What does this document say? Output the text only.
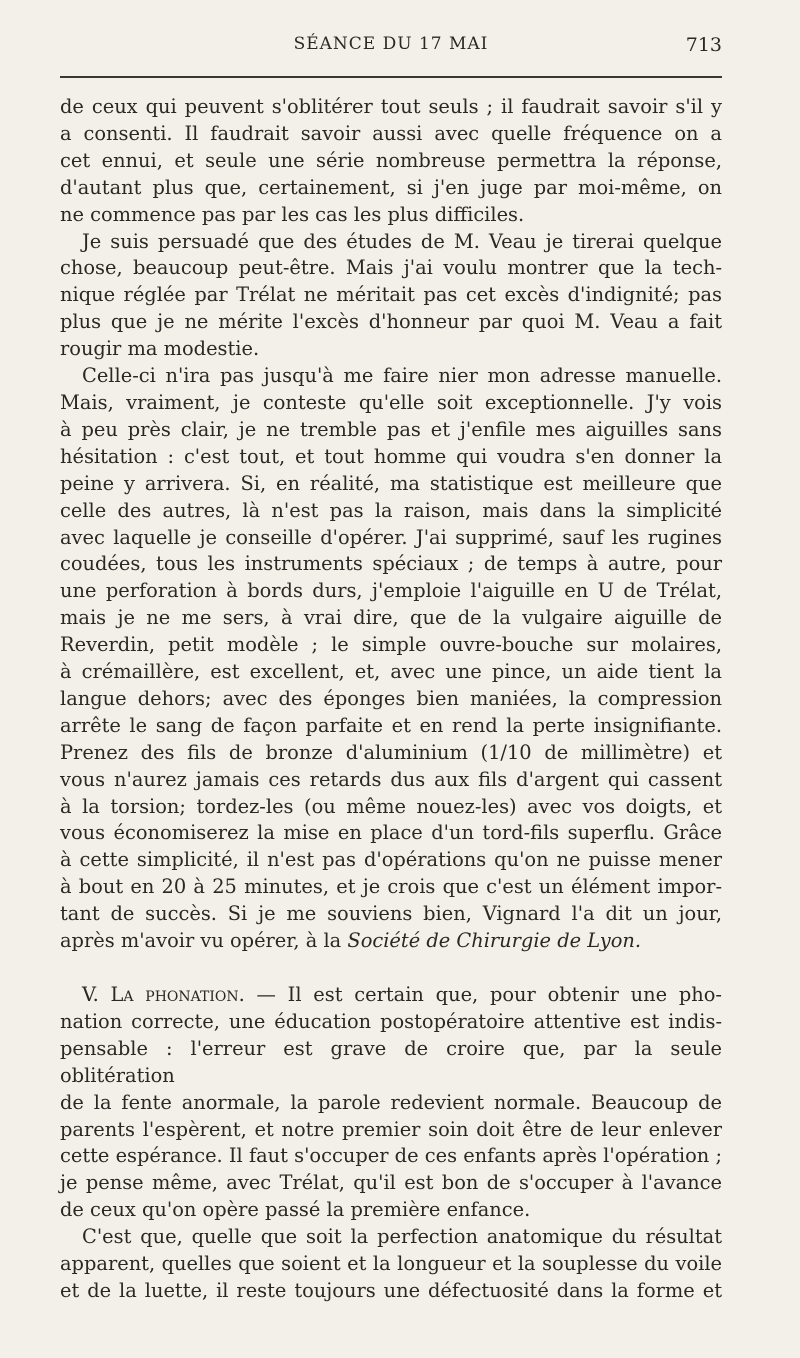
SÉANCE DU 17 MAI	713

de ceux qui peuvent s'oblitérer tout seuls ; il faudrait savoir s'il y

a consenti. Il faudrait savoir aussi avec quelle fréquence on a

cet ennui, et seule une série nombreuse permettra la réponse,

d'autant plus que, certainement, si j'en juge par moi-même, on

ne commence pas par les cas les plus difficiles.

Je suis persuadé que des études de M. Veau je tirerai quelque

chose, beaucoup peut-être. Mais j'ai voulu montrer que la tech-

nique réglée par Trélat ne méritait pas cet excès d'indignité; pas

plus que je ne mérite l'excès d'honneur par quoi M. Veau a fait

rougir ma modestie.

Celle-ci n'ira pas jusqu'à me faire nier mon adresse manuelle.

Mais, vraiment, je conteste qu'elle soit exceptionnelle. J'y vois

à peu près clair, je ne tremble pas et j'enfile mes aiguilles sans

hésitation : c'est tout, et tout homme qui voudra s'en donner la

peine y arrivera. Si, en réalité, ma statistique est meilleure que

celle des autres, là n'est pas la raison, mais dans la simplicité

avec laquelle je conseille d'opérer. J'ai supprimé, sauf les rugines

coudées, tous les instruments spéciaux ; de temps à autre, pour

une perforation à bords durs, j'emploie l'aiguille en U de Trélat,

mais je ne me sers, à vrai dire, que de la vulgaire aiguille de

Reverdin, petit modèle ; le simple ouvre-bouche sur molaires,

à crémaillère, est excellent, et, avec une pince, un aide tient la

langue dehors; avec des éponges bien maniées, la compression

arrête le sang de façon parfaite et en rend la perte insignifiante.

Prenez des fils de bronze d'aluminium (1/10 de millimètre) et

vous n'aurez jamais ces retards dus aux fils d'argent qui cassent

à la torsion; tordez-les (ou même nouez-les) avec vos doigts, et

vous économiserez la mise en place d'un tord-fils superflu. Grâce

à cette simplicité, il n'est pas d'opérations qu'on ne puisse mener

à bout en 20 à 25 minutes, et je crois que c'est un élément impor-

tant de succès. Si je me souviens bien, Vignard l'a dit un jour,

après m'avoir vu opérer, à la Société de Chirurgie de Lyon.

V. La phonation. — Il est certain que, pour obtenir une pho-

nation correcte, une éducation postopératoire attentive est indis-

pensable : l'erreur est grave de croire que, par la seule oblitération

de la fente anormale, la parole redevient normale. Beaucoup de

parents l'espèrent, et notre premier soin doit être de leur enlever

cette espérance. Il faut s'occuper de ces enfants après l'opération ;

je pense même, avec Trélat, qu'il est bon de s'occuper à l'avance

de ceux qu'on opère passé la première enfance.

C'est que, quelle que soit la perfection anatomique du résultat

apparent, quelles que soient et la longueur et la souplesse du voile

et de la luette, il reste toujours une défectuosité dans la forme et
